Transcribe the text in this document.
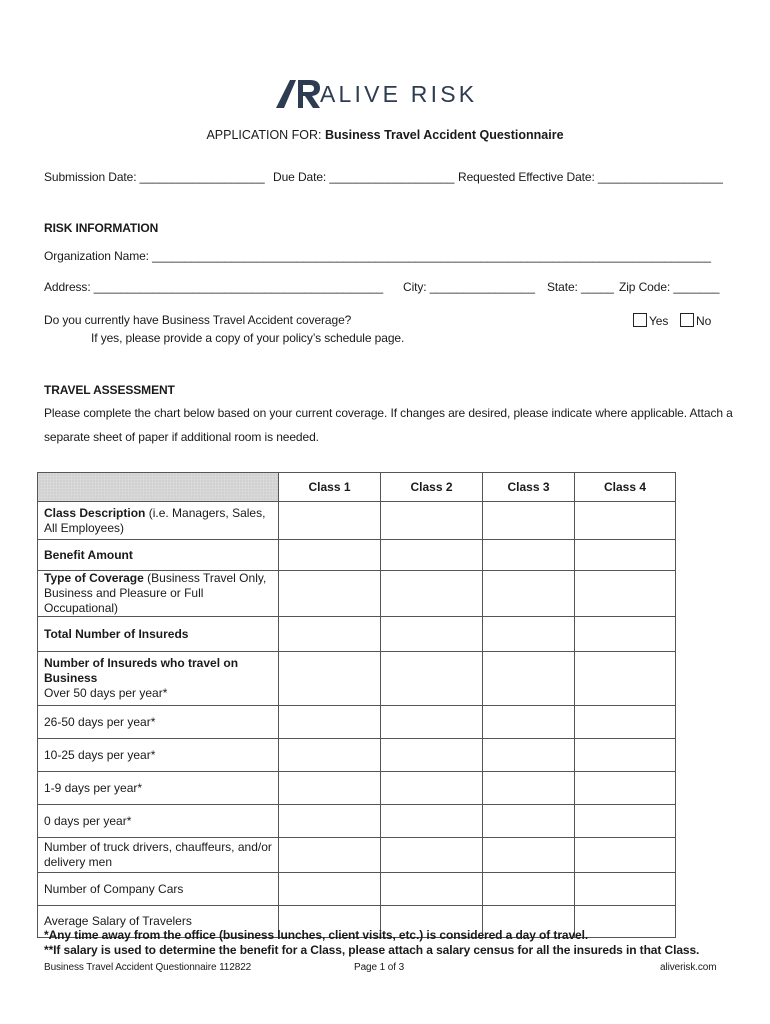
ALIVE RISK
APPLICATION FOR: Business Travel Accident Questionnaire
Submission Date: ___________________ Due Date: ___________________ Requested Effective Date: ___________________
RISK INFORMATION
Organization Name: _____________________________________________________________________________________
Address: ____________________________________________ City: ________________ State: _____ Zip Code: _______
Do you currently have Business Travel Accident coverage?	Yes	No
If yes, please provide a copy of your policy’s schedule page.
TRAVEL ASSESSMENT
Please complete the chart below based on your current coverage. If changes are desired, please indicate where applicable. Attach a
separate sheet of paper if additional room is needed.
	Class 1	Class 2	Class 3	Class 4
Class Description (i.e. Managers, Sales, All Employees)				
Benefit Amount				
Type of Coverage (Business Travel Only, Business and Pleasure or Full Occupational)				
Total Number of Insureds				

Number of Insureds who travel on Business
Over 50 days per year*				

26-50 days per year*				
10-25 days per year*				
1-9 days per year*				
0 days per year*				
Number of truck drivers, chauffeurs, and/or delivery men				
Number of Company Cars				
Average Salary of Travelers				
*Any time away from the office (business lunches, client visits, etc.) is considered a day of travel.
**If salary is used to determine the benefit for a Class, please attach a salary census for all the insureds in that Class.
Business Travel Accident Questionnaire 112822	Page 1 of 3	aliverisk.com
